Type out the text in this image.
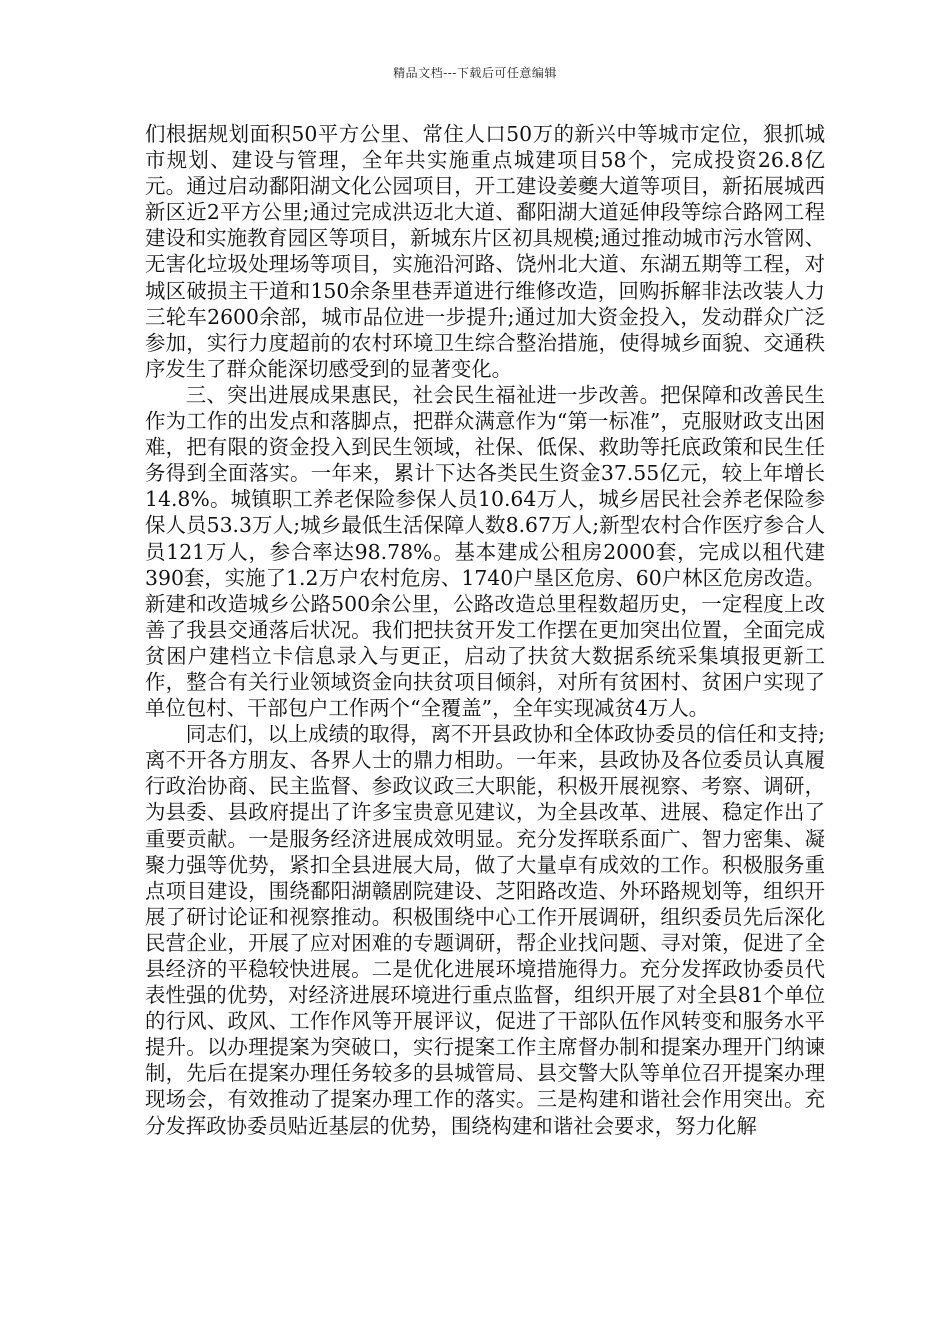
精品文档---下载后可任意编辑

们根据规划面积50平方公里、常住人口50万的新兴中等城市定位，狠抓城市规划、建设与管理，全年共实施重点城建项目58个，完成投资26.8亿元。通过启动鄱阳湖文化公园项目，开工建设姜夔大道等项目，新拓展城西新区近2平方公里;通过完成洪迈北大道、鄱阳湖大道延伸段等综合路网工程建设和实施教育园区等项目，新城东片区初具规模;通过推动城市污水管网、无害化垃圾处理场等项目，实施沿河路、饶州北大道、东湖五期等工程，对城区破损主干道和150余条里巷弄道进行维修改造，回购拆解非法改装人力三轮车2600余部，城市品位进一步提升;通过加大资金投入，发动群众广泛参加，实行力度超前的农村环境卫生综合整治措施，使得城乡面貌、交通秩序发生了群众能深切感受到的显著变化。

三、突出进展成果惠民，社会民生福祉进一步改善。把保障和改善民生作为工作的出发点和落脚点，把群众满意作为“第一标准”，克服财政支出困难，把有限的资金投入到民生领域，社保、低保、救助等托底政策和民生任务得到全面落实。一年来，累计下达各类民生资金37.55亿元，较上年增长14.8%。城镇职工养老保险参保人员10.64万人，城乡居民社会养老保险参保人员53.3万人;城乡最低生活保障人数8.67万人;新型农村合作医疗参合人员121万人，参合率达98.78%。基本建成公租房2000套，完成以租代建390套，实施了1.2万户农村危房、1740户垦区危房、60户林区危房改造。新建和改造城乡公路500余公里，公路改造总里程数超历史，一定程度上改善了我县交通落后状况。我们把扶贫开发工作摆在更加突出位置，全面完成贫困户建档立卡信息录入与更正，启动了扶贫大数据系统采集填报更新工作，整合有关行业领域资金向扶贫项目倾斜，对所有贫困村、贫困户实现了单位包村、干部包户工作两个“全覆盖”，全年实现减贫4万人。

同志们，以上成绩的取得，离不开县政协和全体政协委员的信任和支持;离不开各方朋友、各界人士的鼎力相助。一年来，县政协及各位委员认真履行政治协商、民主监督、参政议政三大职能，积极开展视察、考察、调研，为县委、县政府提出了许多宝贵意见建议，为全县改革、进展、稳定作出了重要贡献。一是服务经济进展成效明显。充分发挥联系面广、智力密集、凝聚力强等优势，紧扣全县进展大局，做了大量卓有成效的工作。积极服务重点项目建设，围绕鄱阳湖赣剧院建设、芝阳路改造、外环路规划等，组织开展了研讨论证和视察推动。积极围绕中心工作开展调研，组织委员先后深化民营企业，开展了应对困难的专题调研，帮企业找问题、寻对策，促进了全县经济的平稳较快进展。二是优化进展环境措施得力。充分发挥政协委员代表性强的优势，对经济进展环境进行重点监督，组织开展了对全县81个单位的行风、政风、工作作风等开展评议，促进了干部队伍作风转变和服务水平提升。以办理提案为突破口，实行提案工作主席督办制和提案办理开门纳谏制，先后在提案办理任务较多的县城管局、县交警大队等单位召开提案办理现场会，有效推动了提案办理工作的落实。三是构建和谐社会作用突出。充分发挥政协委员贴近基层的优势，围绕构建和谐社会要求，努力化解
